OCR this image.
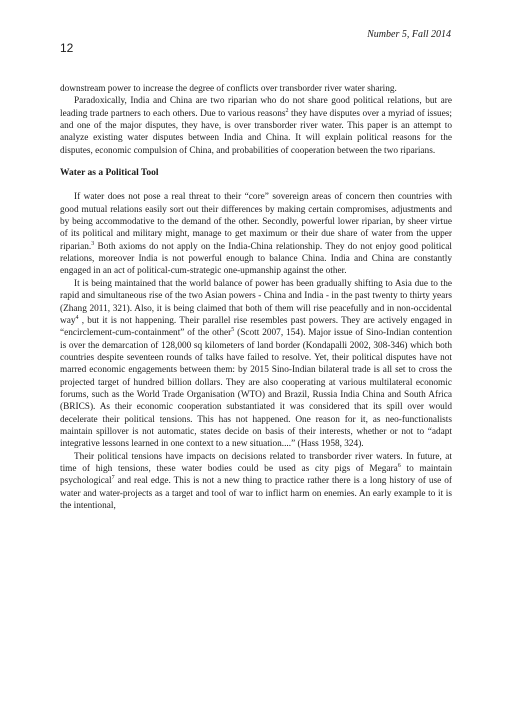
Number 5, Fall 2014
12

downstream power to increase the degree of conflicts over transborder river water sharing.

Paradoxically, India and China are two riparian who do not share good political relations, but are leading trade partners to each others. Due to various reasons$^2$ they have disputes over a myriad of issues; and one of the major disputes, they have, is over transborder river water. This paper is an attempt to analyze existing water disputes between India and China. It will explain political reasons for the disputes, economic compulsion of China, and probabilities of cooperation between the two riparians.

Water as a Political Tool

If water does not pose a real threat to their “core” sovereign areas of concern then countries with good mutual relations easily sort out their differences by making certain compromises, adjustments and by being accommodative to the demand of the other. Secondly, powerful lower riparian, by sheer virtue of its political and military might, manage to get maximum or their due share of water from the upper riparian.$^3$ Both axioms do not apply on the India-China relationship. They do not enjoy good political relations, moreover India is not powerful enough to balance China. India and China are constantly engaged in an act of political-cum-strategic one-upmanship against the other.

It is being maintained that the world balance of power has been gradually shifting to Asia due to the rapid and simultaneous rise of the two Asian powers - China and India - in the past twenty to thirty years (Zhang 2011, 321). Also, it is being claimed that both of them will rise peacefully and in non-occidental way$^4$ , but it is not happening. Their parallel rise resembles past powers. They are actively engaged in “encirclement-cum-containment” of the other$^5$ (Scott 2007, 154). Major issue of Sino-Indian contention is over the demarcation of 128,000 sq kilometers of land border (Kondapalli 2002, 308-346) which both countries despite seventeen rounds of talks have failed to resolve. Yet, their political disputes have not marred economic engagements between them: by 2015 Sino-Indian bilateral trade is all set to cross the projected target of hundred billion dollars. They are also cooperating at various multilateral economic forums, such as the World Trade Organisation (WTO) and Brazil, Russia India China and South Africa (BRICS). As their economic cooperation substantiated it was considered that its spill over would decelerate their political tensions. This has not happened. One reason for it, as neo-functionalists maintain spillover is not automatic, states decide on basis of their interests, whether or not to “adapt integrative lessons learned in one context to a new situation....” (Hass 1958, 324).

Their political tensions have impacts on decisions related to transborder river waters. In future, at time of high tensions, these water bodies could be used as city pigs of Megara$^6$ to maintain psychological$^7$ and real edge. This is not a new thing to practice rather there is a long history of use of water and water-projects as a target and tool of war to inflict harm on enemies. An early example to it is the intentional,
